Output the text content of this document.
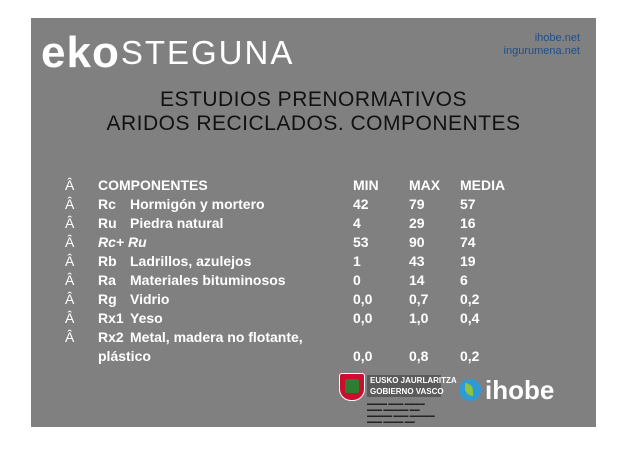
eko STEGUNA	ihobe.net
ingurumena.net
ESTUDIOS PRENORMATIVOS
ARIDOS RECICLADOS. COMPONENTES
Â COMPONENTES	MIN MAX MEDIA
Â Rc Hormigón y mortero	42	79	57
Â Ru Piedra natural	4	29	16
Â Rc+ Ru	53	90	74
Â Rb Ladrillos, azulejos	1	43	19
Â Ra Materiales bituminosos	0	14	6
Â Rg Vidrio	0,0	0,7 0,2
Â Rx1 Yeso	0,0	1,0 0,4
Â Rx2 Metal, madera no flotante,
plástico	0,0	0,8 0,2
EUSKO JAURLARITZA
GOBIERNO VASCO
▬▬▬▬ ▬▬▬ ▬▬▬▬
▬▬▬ ▬▬▬▬▬ ▬▬
▬▬▬▬▬ ▬▬▬ ▬▬▬▬▬
▬▬▬ ▬▬▬▬ ▬▬
ihobe
